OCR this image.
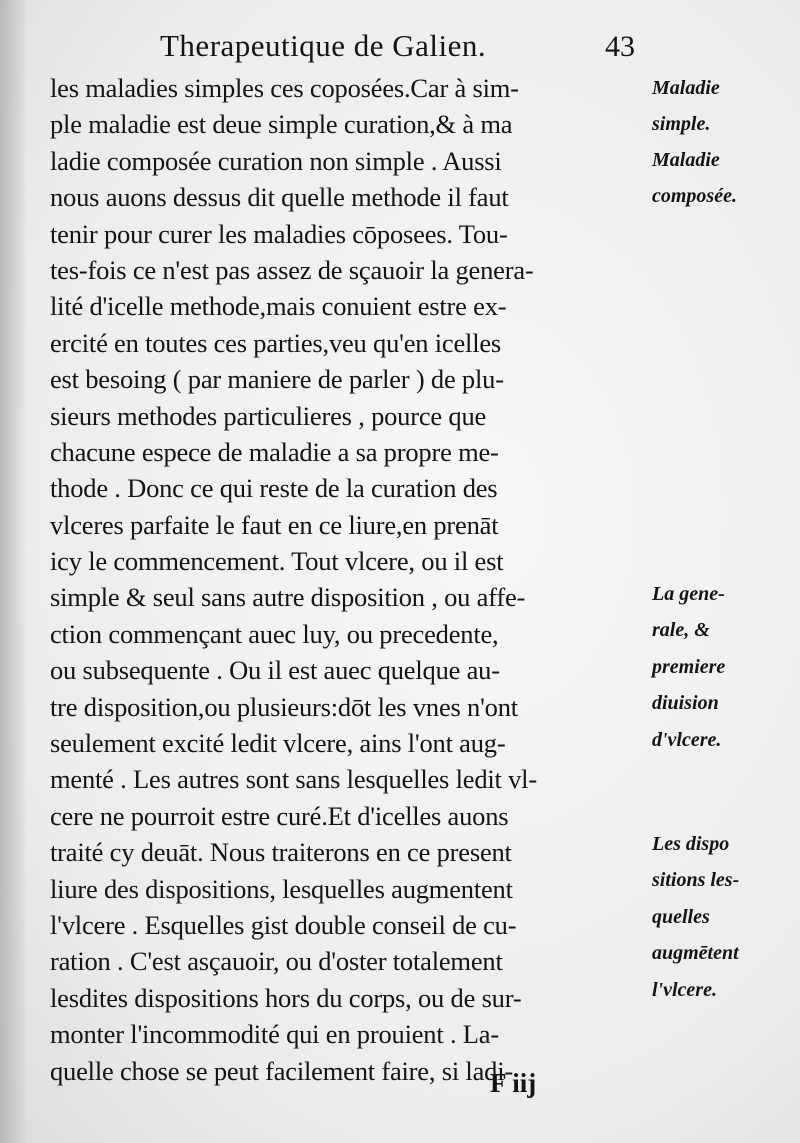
Therapeutique de Galien.	43
les maladies simples ces coposées.Car à sim-
ple maladie est deue simple curation,& à ma
ladie composée curation non simple . Aussi
nous auons dessus dit quelle methode il faut
tenir pour curer les maladies cōposees. Tou-
tes-fois ce n'est pas assez de sçauoir la genera-
lité d'icelle methode,mais conuient estre ex-
ercité en toutes ces parties,veu qu'en icelles
est besoing ( par maniere de parler ) de plu-
sieurs methodes particulieres , pource que
chacune espece de maladie a sa propre me-
thode . Donc ce qui reste de la curation des
vlceres parfaite le faut en ce liure,en prenāt
icy le commencement. Tout vlcere, ou il est
simple & seul sans autre disposition , ou affe-
ction commençant auec luy, ou precedente,
ou subsequente . Ou il est auec quelque au-
tre disposition,ou plusieurs:dōt les vnes n'ont
seulement excité ledit vlcere, ains l'ont aug-
menté . Les autres sont sans lesquelles ledit vl-
cere ne pourroit estre curé.Et d'icelles auons
traité cy deuāt. Nous traiterons en ce present
liure des dispositions, lesquelles augmentent
l'vlcere . Esquelles gist double conseil de cu-
ration . C'est asçauoir, ou d'oster totalement
lesdites dispositions hors du corps, ou de sur-
monter l'incommodité qui en prouient . La-
quelle chose se peut facilement faire, si ladi-
Maladie
simple.
Maladie
composée.
La gene-
rale, &
premiere
diuision
d'vlcere.
Les dispo
sitions les-
quelles
augmētent
l'vlcere.
F iij
